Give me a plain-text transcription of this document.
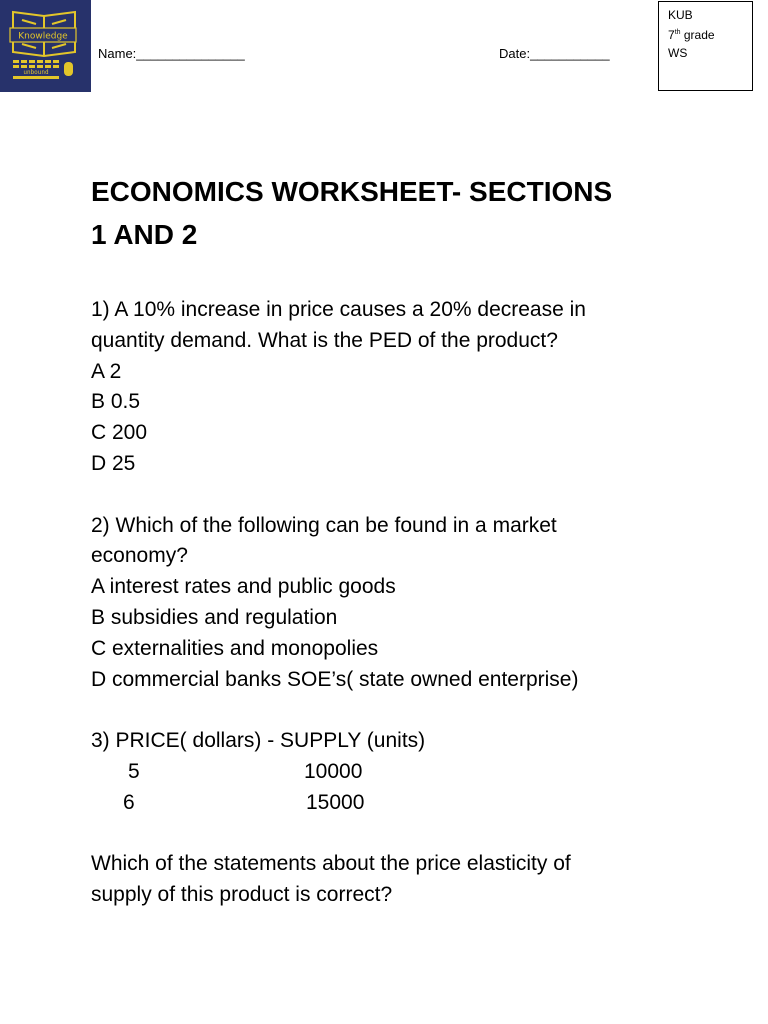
Knowledge
unbound
Name:_______________	Date:___________
KUB
7th grade
WS
ECONOMICS WORKSHEET- SECTIONS
1 AND 2

1) A 10% increase in price causes a 20% decrease in

quantity demand. What is the PED of the product?

A 2

B 0.5

C 200

D 25

2) Which of the following can be found in a market

economy?

A interest rates and public goods

B subsidies and regulation

C externalities and monopolies

D commercial banks SOE’s( state owned enterprise)

3) PRICE( dollars) - SUPPLY (units)

5	10000
6	15000

Which of the statements about the price elasticity of

supply of this product is correct?
